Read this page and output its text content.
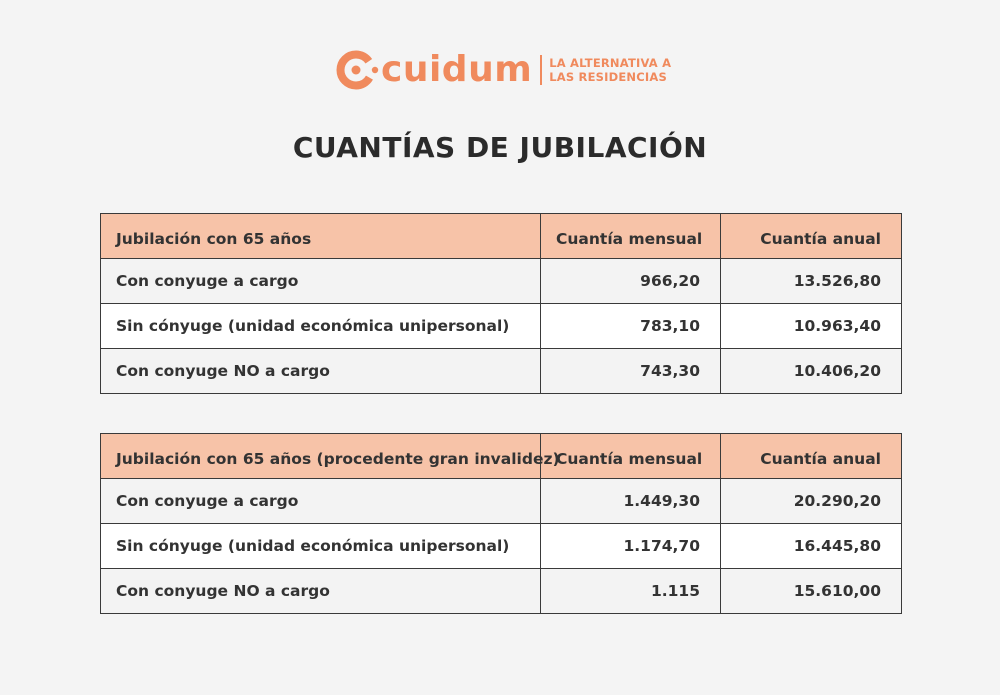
cuidum LA ALTERNATIVA A
LAS RESIDENCIAS
CUANTÍAS DE JUBILACIÓN
Jubilación con 65 años	Cuantía mensual	Cuantía anual
Con conyuge a cargo	966,20	13.526,80
Sin cónyuge (unidad económica unipersonal)	783,10	10.963,40
Con conyuge NO a cargo	743,30	10.406,20
Jubilación con 65 años (procedente gran invalidez)	Cuantía mensual	Cuantía anual
Con conyuge a cargo	1.449,30	20.290,20
Sin cónyuge (unidad económica unipersonal)	1.174,70	16.445,80
Con conyuge NO a cargo	1.115	15.610,00
